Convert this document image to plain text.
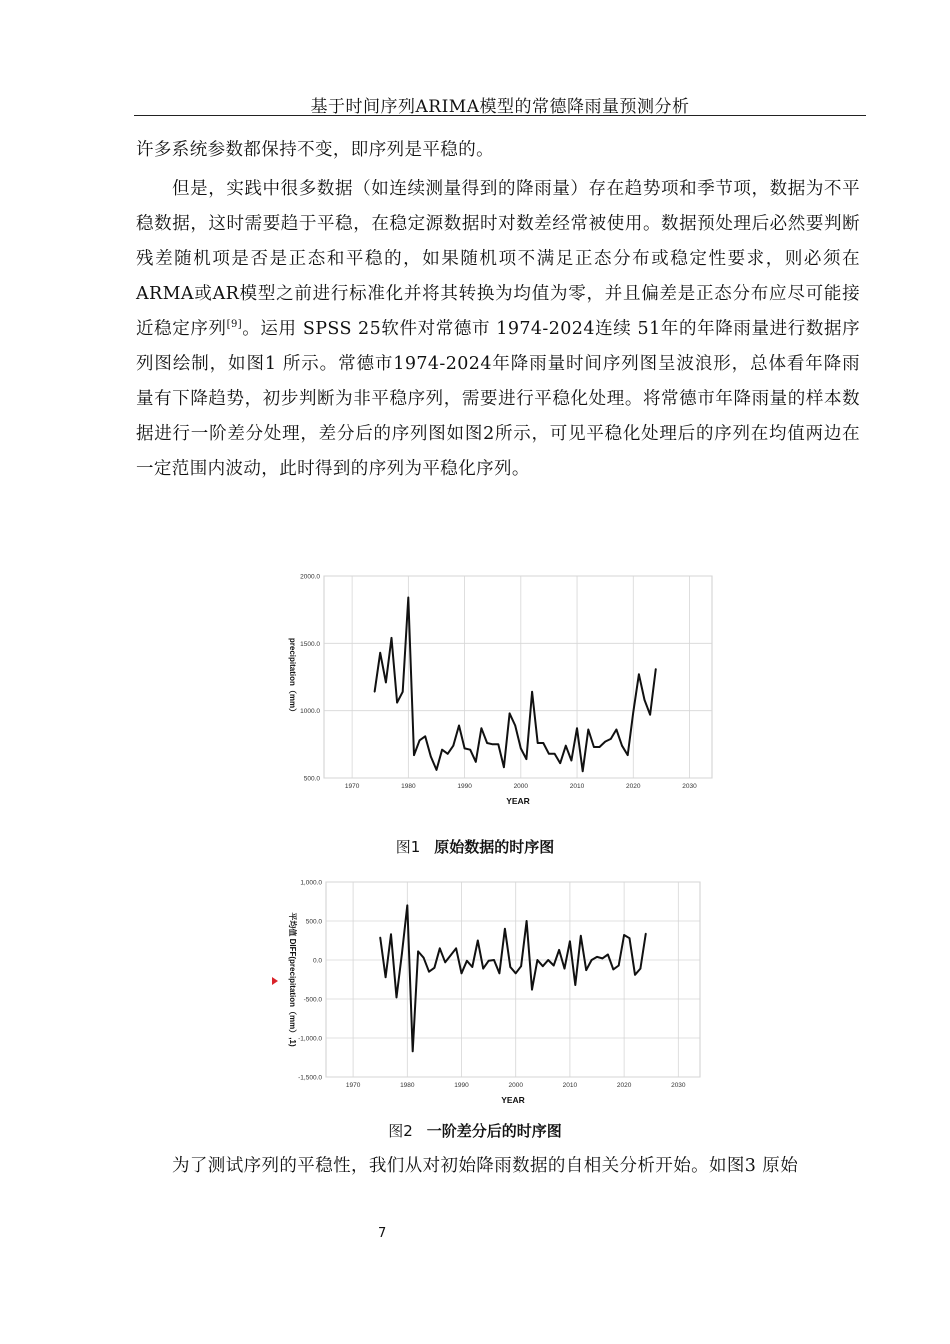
基于时间序列ARIMA模型的常德降雨量预测分析
许多系统参数都保持不变，即序列是平稳的。
但是，实践中很多数据（如连续测量得到的降雨量）存在趋势项和季节项，数据为不平稳数据，这时需要趋于平稳，在稳定源数据时对数差经常被使用。数据预处理后必然要判断残差随机项是否是正态和平稳的，如果随机项不满足正态分布或稳定性要求，则必须在ARMA或AR模型之前进行标准化并将其转换为均值为零，并且偏差是正态分布应尽可能接近稳定序列[9]。运用 SPSS 25软件对常德市 1974-2024连续 51年的年降雨量进行数据序列图绘制，如图1 所示。常德市1974-2024年降雨量时间序列图呈波浪形，总体看年降雨量有下降趋势，初步判断为非平稳序列，需要进行平稳化处理。将常德市年降雨量的样本数据进行一阶差分处理，差分后的序列图如图2所示，可见平稳化处理后的序列在均值两边在一定范围内波动，此时得到的序列为平稳化序列。
1970	1980	1990	2000	2010	2020	2030
500.0
1000.0
1500.0
2000.0
YEAR
precipitation（mm）
图1 原始数据的时序图
1970	1980	1990	2000	2010	2020	2030
-1,500.0
-1,000.0
-500.0
0.0
500.0
1,000.0
YEAR
平均值 DIFF(precipitation（mm）,1)
图2 一阶差分后的时序图
为了测试序列的平稳性，我们从对初始降雨数据的自相关分析开始。如图3 原始
7
